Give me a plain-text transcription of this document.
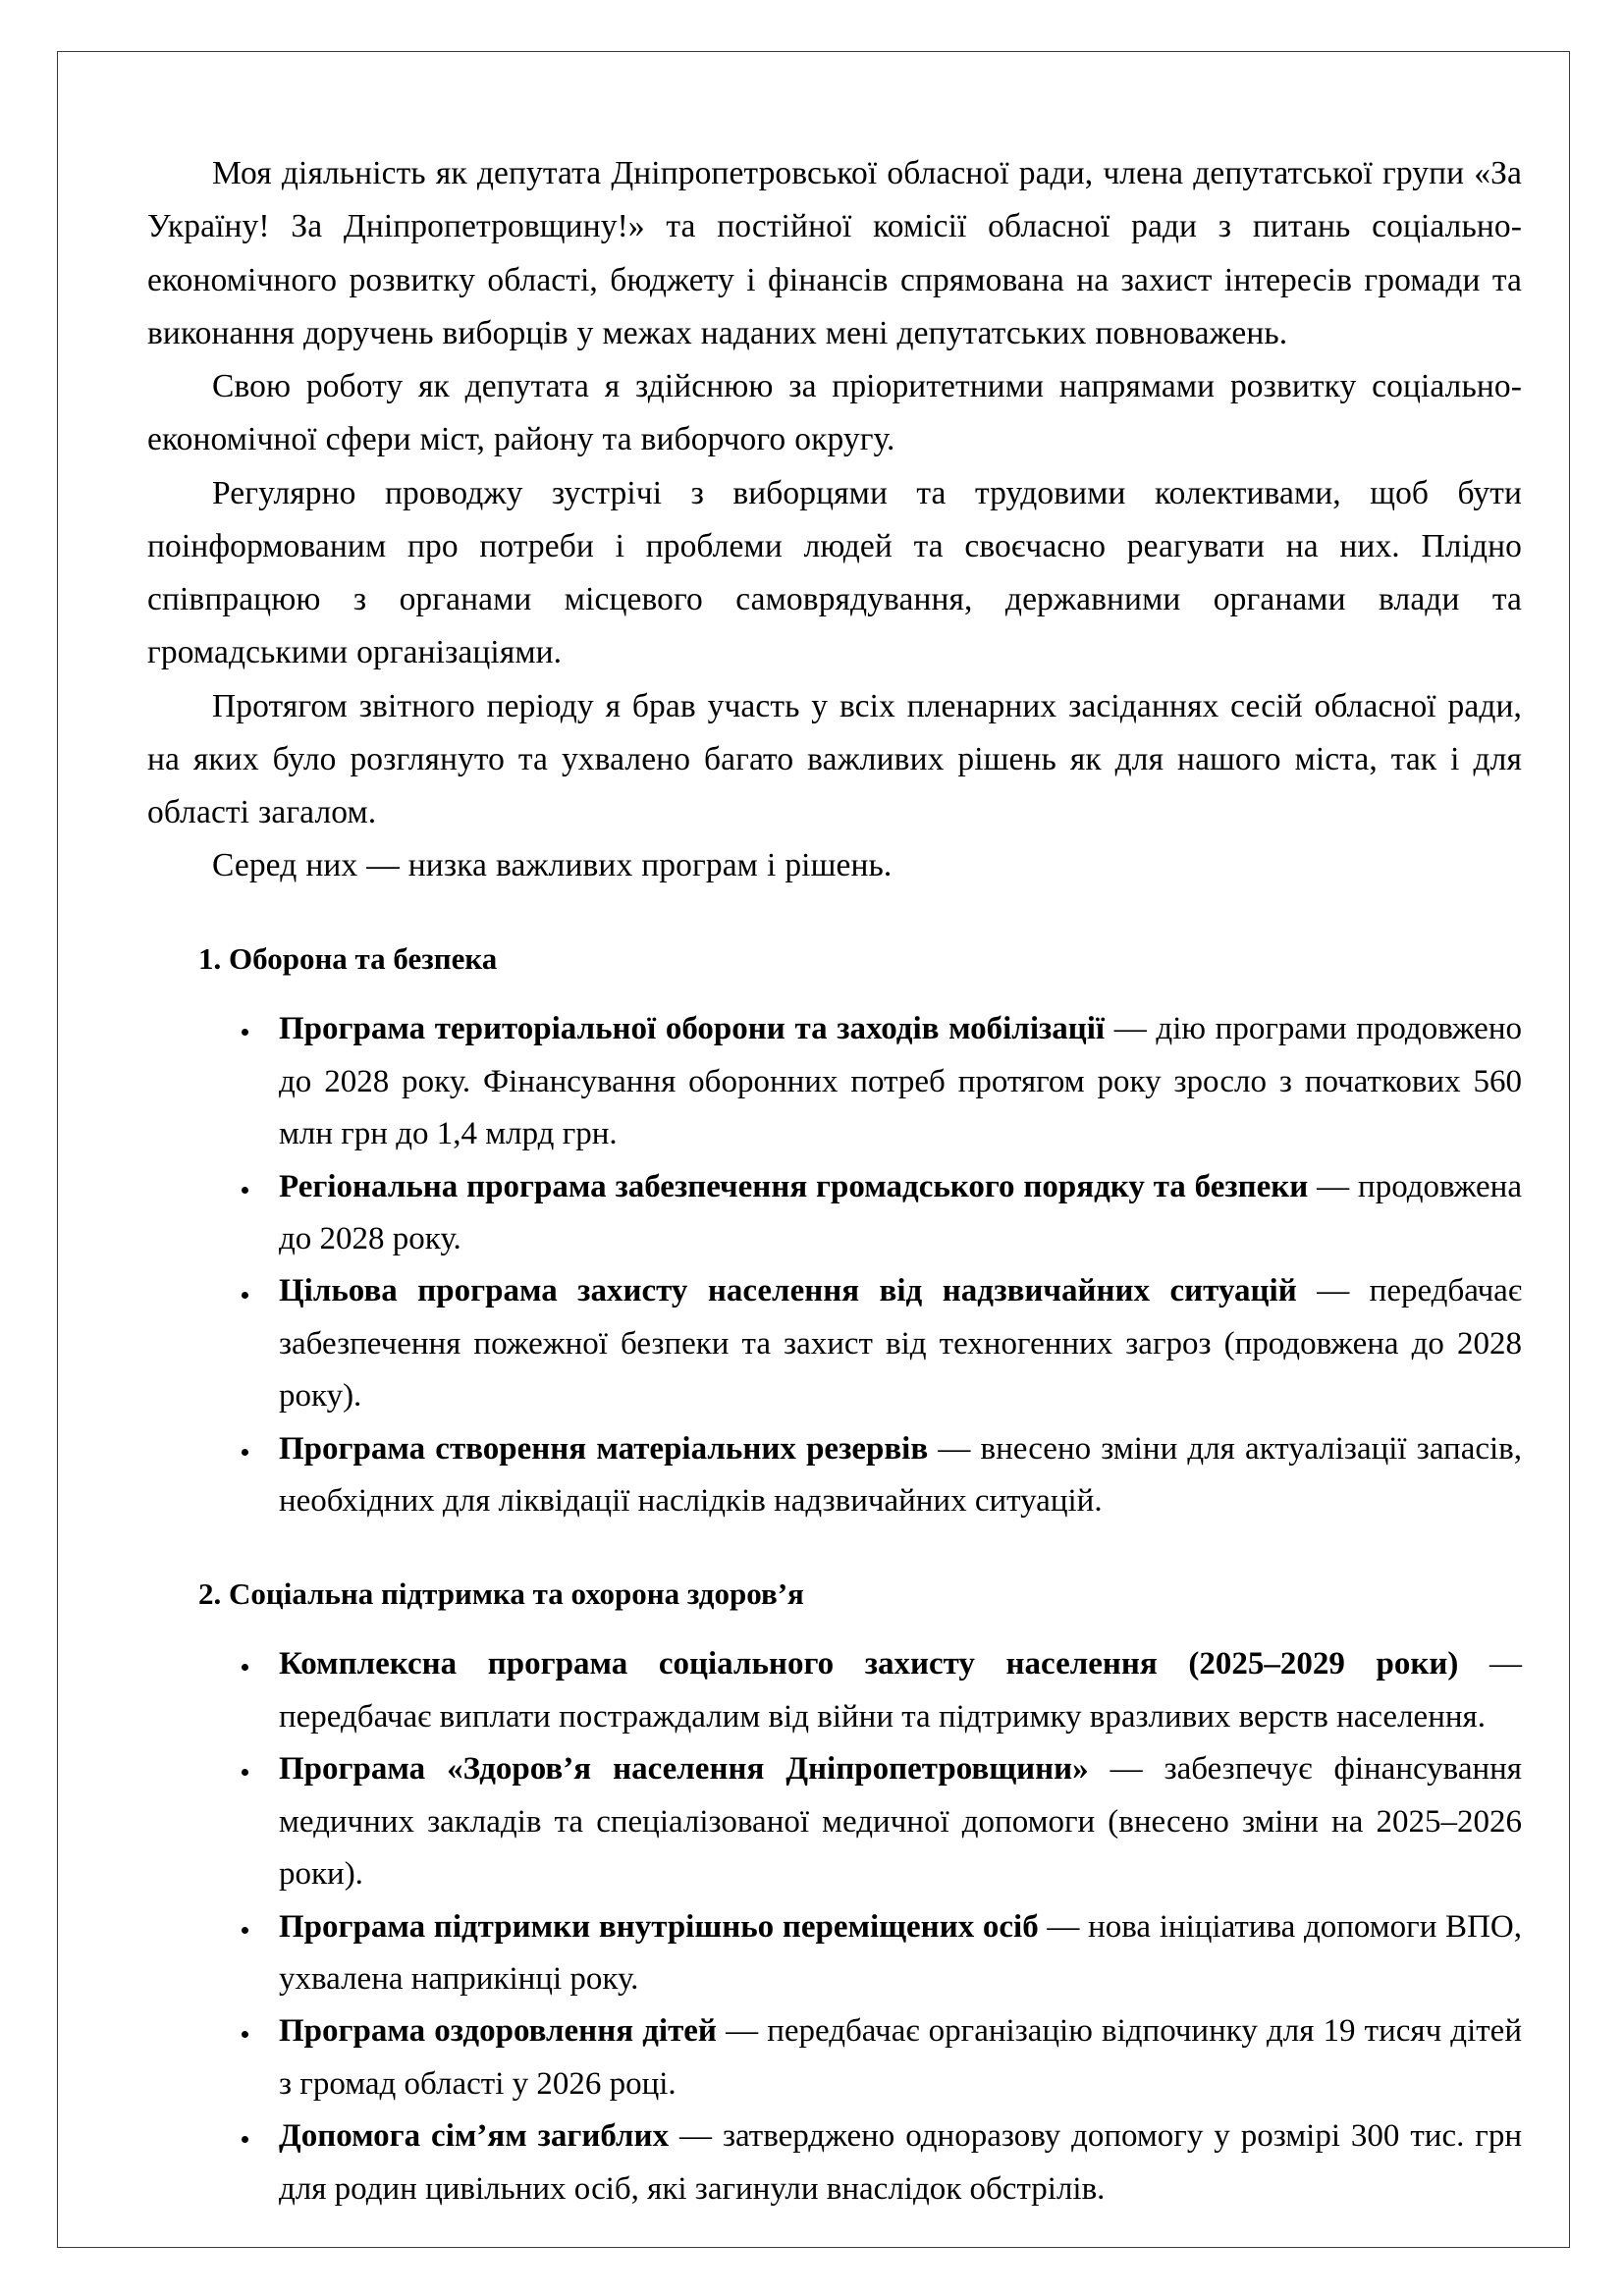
Моя діяльність як депутата Дніпропетровської обласної ради, члена депутатської групи «За Україну! За Дніпропетровщину!» та постійної комісії обласної ради з питань соціально-економічного розвитку області, бюджету і фінансів спрямована на захист інтересів громади та виконання доручень виборців у межах наданих мені депутатських повноважень.

Свою роботу як депутата я здійснюю за пріоритетними напрямами розвитку соціально-економічної сфери міст, району та виборчого округу.

Регулярно проводжу зустрічі з виборцями та трудовими колективами, щоб бути поінформованим про потреби і проблеми людей та своєчасно реагувати на них. Плідно співпрацюю з органами місцевого самоврядування, державними органами влади та громадськими організаціями.

Протягом звітного періоду я брав участь у всіх пленарних засіданнях сесій обласної ради, на яких було розглянуто та ухвалено багато важливих рішень як для нашого міста, так і для області загалом.

Серед них — низка важливих програм і рішень.

1. Оборона та безпека
Програма територіальної оборони та заходів мобілізації — дію програми продовжено до 2028 року. Фінансування оборонних потреб протягом року зросло з початкових 560 млн грн до 1,4 млрд грн.
Регіональна програма забезпечення громадського порядку та безпеки — продовжена до 2028 року.
Цільова програма захисту населення від надзвичайних ситуацій — передбачає забезпечення пожежної безпеки та захист від техногенних загроз (продовжена до 2028 року).
Програма створення матеріальних резервів — внесено зміни для актуалізації запасів, необхідних для ліквідації наслідків надзвичайних ситуацій.
2. Соціальна підтримка та охорона здоров’я
Комплексна програма соціального захисту населення (2025–2029 роки) — передбачає виплати постраждалим від війни та підтримку вразливих верств населення.
Програма «Здоров’я населення Дніпропетровщини» — забезпечує фінансування медичних закладів та спеціалізованої медичної допомоги (внесено зміни на 2025–2026 роки).
Програма підтримки внутрішньо переміщених осіб — нова ініціатива допомоги ВПО, ухвалена наприкінці року.
Програма оздоровлення дітей — передбачає організацію відпочинку для 19 тисяч дітей з громад області у 2026 році.
Допомога сім’ям загиблих — затверджено одноразову допомогу у розмірі 300 тис. грн для родин цивільних осіб, які загинули внаслідок обстрілів.
